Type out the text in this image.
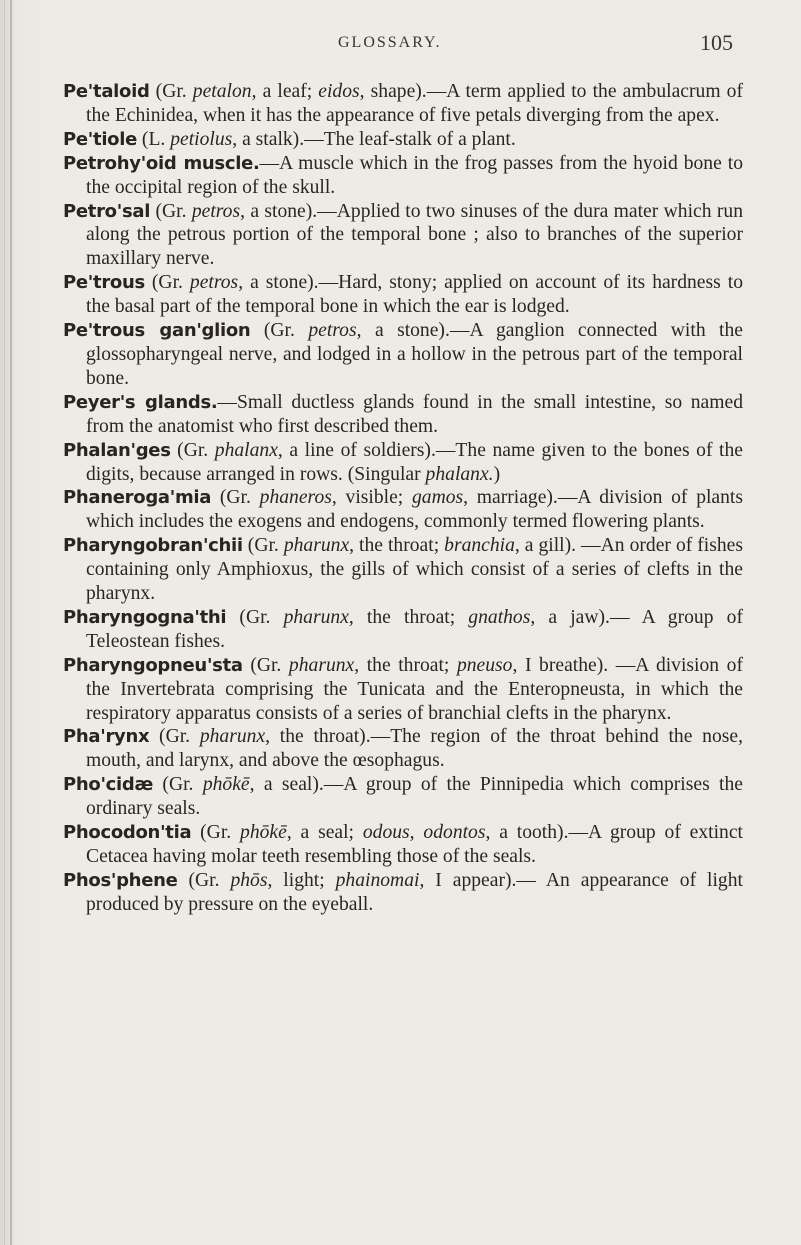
GLOSSARY.	105

Pe'taloid (Gr. petalon, a leaf; eidos, shape).—A term applied to the ambulacrum of the Echinidea, when it has the appearance of five petals diverging from the apex.

Pe'tiole (L. petiolus, a stalk).—The leaf-stalk of a plant.

Petrohy'oid muscle.—A muscle which in the frog passes from the hyoid bone to the occipital region of the skull.

Petro'sal (Gr. petros, a stone).—Applied to two sinuses of the dura mater which run along the petrous portion of the temporal bone ; also to branches of the superior maxillary nerve.

Pe'trous (Gr. petros, a stone).—Hard, stony; applied on account of its hardness to the basal part of the temporal bone in which the ear is lodged.

Pe'trous gan'glion (Gr. petros, a stone).—A ganglion connected with the glossopharyngeal nerve, and lodged in a hollow in the petrous part of the temporal bone.

Peyer's glands.—Small ductless glands found in the small intestine, so named from the anatomist who first described them.

Phalan'ges (Gr. phalanx, a line of soldiers).—The name given to the bones of the digits, because arranged in rows. (Singular phalanx.)

Phanerogа'mia (Gr. phaneros, visible; gamos, marriage).—A division of plants which includes the exogens and endogens, commonly termed flowering plants.

Pharyngobran'chii (Gr. pharunx, the throat; branchia, a gill). —An order of fishes containing only Amphioxus, the gills of which consist of a series of clefts in the pharynx.

Pharyngogna'thi (Gr. pharunx, the throat; gnathos, a jaw).— A group of Teleostean fishes.

Pharyngopneu'sta (Gr. pharunx, the throat; pneuso, I breathe). —A division of the Invertebrata comprising the Tunicata and the Enteropneusta, in which the respiratory apparatus consists of a series of branchial clefts in the pharynx.

Pha'rynx (Gr. pharunx, the throat).—The region of the throat behind the nose, mouth, and larynx, and above the œsophagus.

Pho'cidæ (Gr. phōkē, a seal).—A group of the Pinnipedia which comprises the ordinary seals.

Phocodon'tia (Gr. phōkē, a seal; odous, odontos, a tooth).—A group of extinct Cetacea having molar teeth resembling those of the seals.

Phos'phene (Gr. phōs, light; phainomai, I appear).— An appearance of light produced by pressure on the eyeball.
